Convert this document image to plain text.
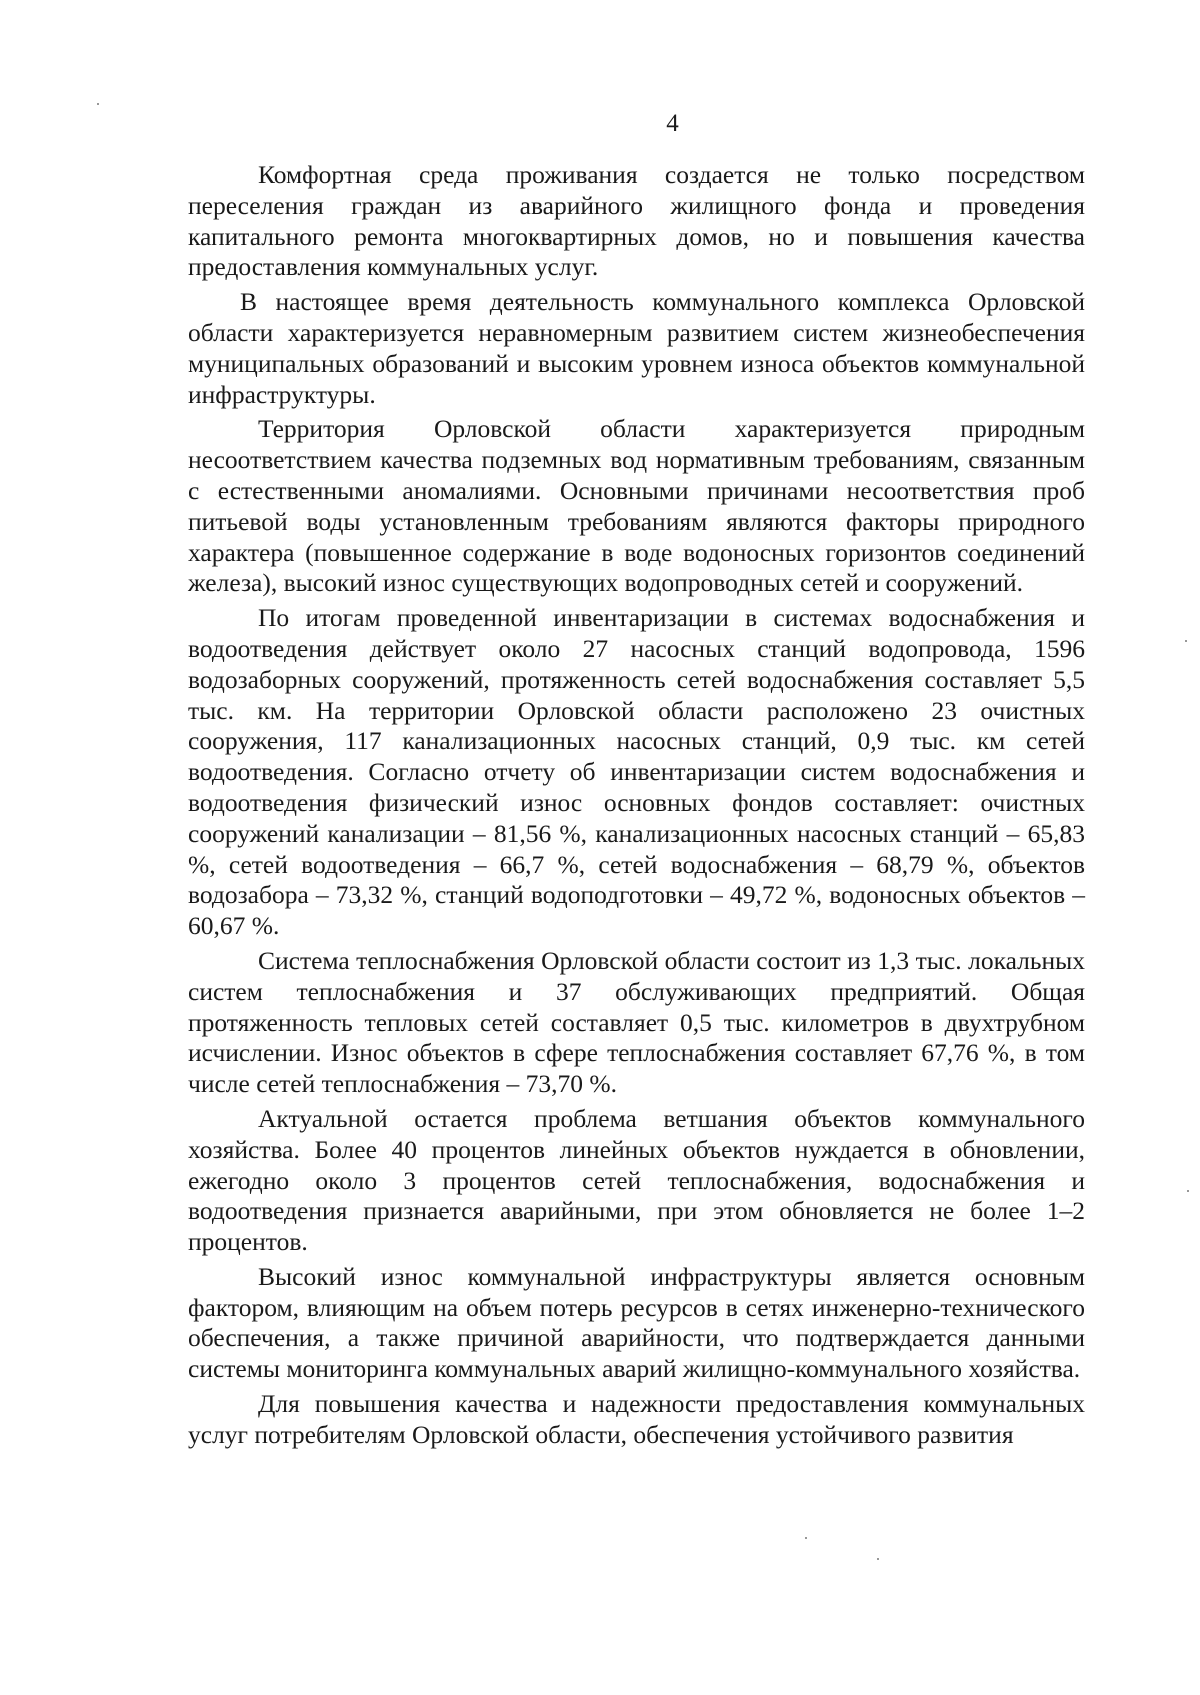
4

Комфортная среда проживания создается не только посредством переселения граждан из аварийного жилищного фонда и проведения капитального ремонта многоквартирных домов, но и повышения качества предоставления коммунальных услуг.

В настоящее время деятельность коммунального комплекса Орловской области характеризуется неравномерным развитием систем жизнеобеспечения муниципальных образований и высоким уровнем износа объектов коммунальной инфраструктуры.

Территория Орловской области характеризуется природным несоответствием качества подземных вод нормативным требованиям, связанным с естественными аномалиями. Основными причинами несоответствия проб питьевой воды установленным требованиям являются факторы природного характера (повышенное содержание в воде водоносных горизонтов соединений железа), высокий износ существующих водопроводных сетей и сооружений.

По итогам проведенной инвентаризации в системах водоснабжения и водоотведения действует около 27 насосных станций водопровода, 1596 водозаборных сооружений, протяженность сетей водоснабжения составляет 5,5 тыс. км. На территории Орловской области расположено 23 очистных сооружения, 117 канализационных насосных станций, 0,9 тыс. км сетей водоотведения. Согласно отчету об инвентаризации систем водоснабжения и водоотведения физический износ основных фондов составляет: очистных сооружений канализации – 81,56 %, канализационных насосных станций – 65,83 %, сетей водоотведения – 66,7 %, сетей водоснабжения – 68,79 %, объектов водозабора – 73,32 %, станций водоподготовки – 49,72 %, водоносных объектов – 60,67 %.

Система теплоснабжения Орловской области состоит из 1,3 тыс. локальных систем теплоснабжения и 37 обслуживающих предприятий. Общая протяженность тепловых сетей составляет 0,5 тыс. километров в двухтрубном исчислении. Износ объектов в сфере теплоснабжения составляет 67,76 %, в том числе сетей теплоснабжения – 73,70 %.

Актуальной остается проблема ветшания объектов коммунального хозяйства. Более 40 процентов линейных объектов нуждается в обновлении, ежегодно около 3 процентов сетей теплоснабжения, водоснабжения и водоотведения признается аварийными, при этом обновляется не более 1–2 процентов.

Высокий износ коммунальной инфраструктуры является основным фактором, влияющим на объем потерь ресурсов в сетях инженерно-технического обеспечения, а также причиной аварийности, что подтверждается данными системы мониторинга коммунальных аварий жилищно-коммунального хозяйства.

Для повышения качества и надежности предоставления коммунальных услуг потребителям Орловской области, обеспечения устойчивого развития
